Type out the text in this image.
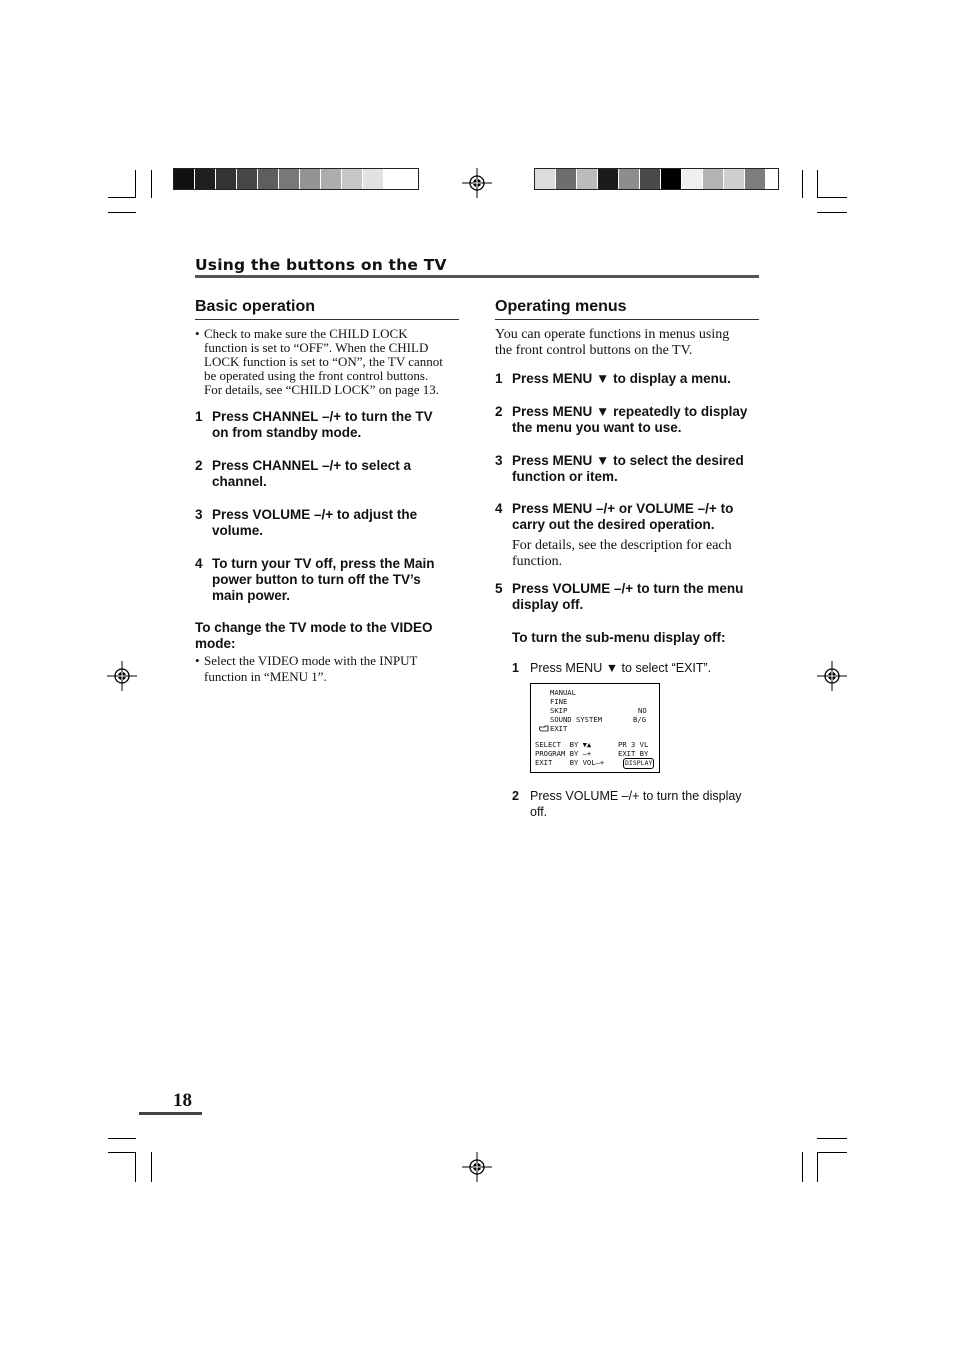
Using the buttons on the TV
Basic operation
• Check to make sure the CHILD LOCK
function is set to “OFF”. When the CHILD
LOCK function is set to “ON”, the TV cannot
be operated using the front control buttons.
For details, see “CHILD LOCK” on page 13.
1 Press CHANNEL –/+ to turn the TV
on from standby mode.
2 Press CHANNEL –/+ to select a
channel.
3 Press VOLUME –/+ to adjust the
volume.
4 To turn your TV off, press the Main
power button to turn off the TV’s
main power.
To change the TV mode to the VIDEO
mode:
• Select the VIDEO mode with the INPUT
function in “MENU 1”.
Operating menus
You can operate functions in menus using
the front control buttons on the TV.
1 Press MENU ▼ to display a menu.
2 Press MENU ▼ repeatedly to display
the menu you want to use.
3 Press MENU ▼ to select the desired
function or item.
4 Press MENU –/+ or VOLUME –/+ to
carry out the desired operation.
For details, see the description for each
function.
5 Press VOLUME –/+ to turn the menu
display off.
To turn the sub-menu display off:
1 Press MENU ▼ to select “EXIT”.
MANUAL
FINE
SKIP	NO
SOUND SYSTEM	B/G
EXIT
SELECT  BY ▼▲	PR 3 VL
PROGRAM BY –+	EXIT BY
EXIT    BY VOL–+	DISPLAY
2 Press VOLUME –/+ to turn the display
off.
18
